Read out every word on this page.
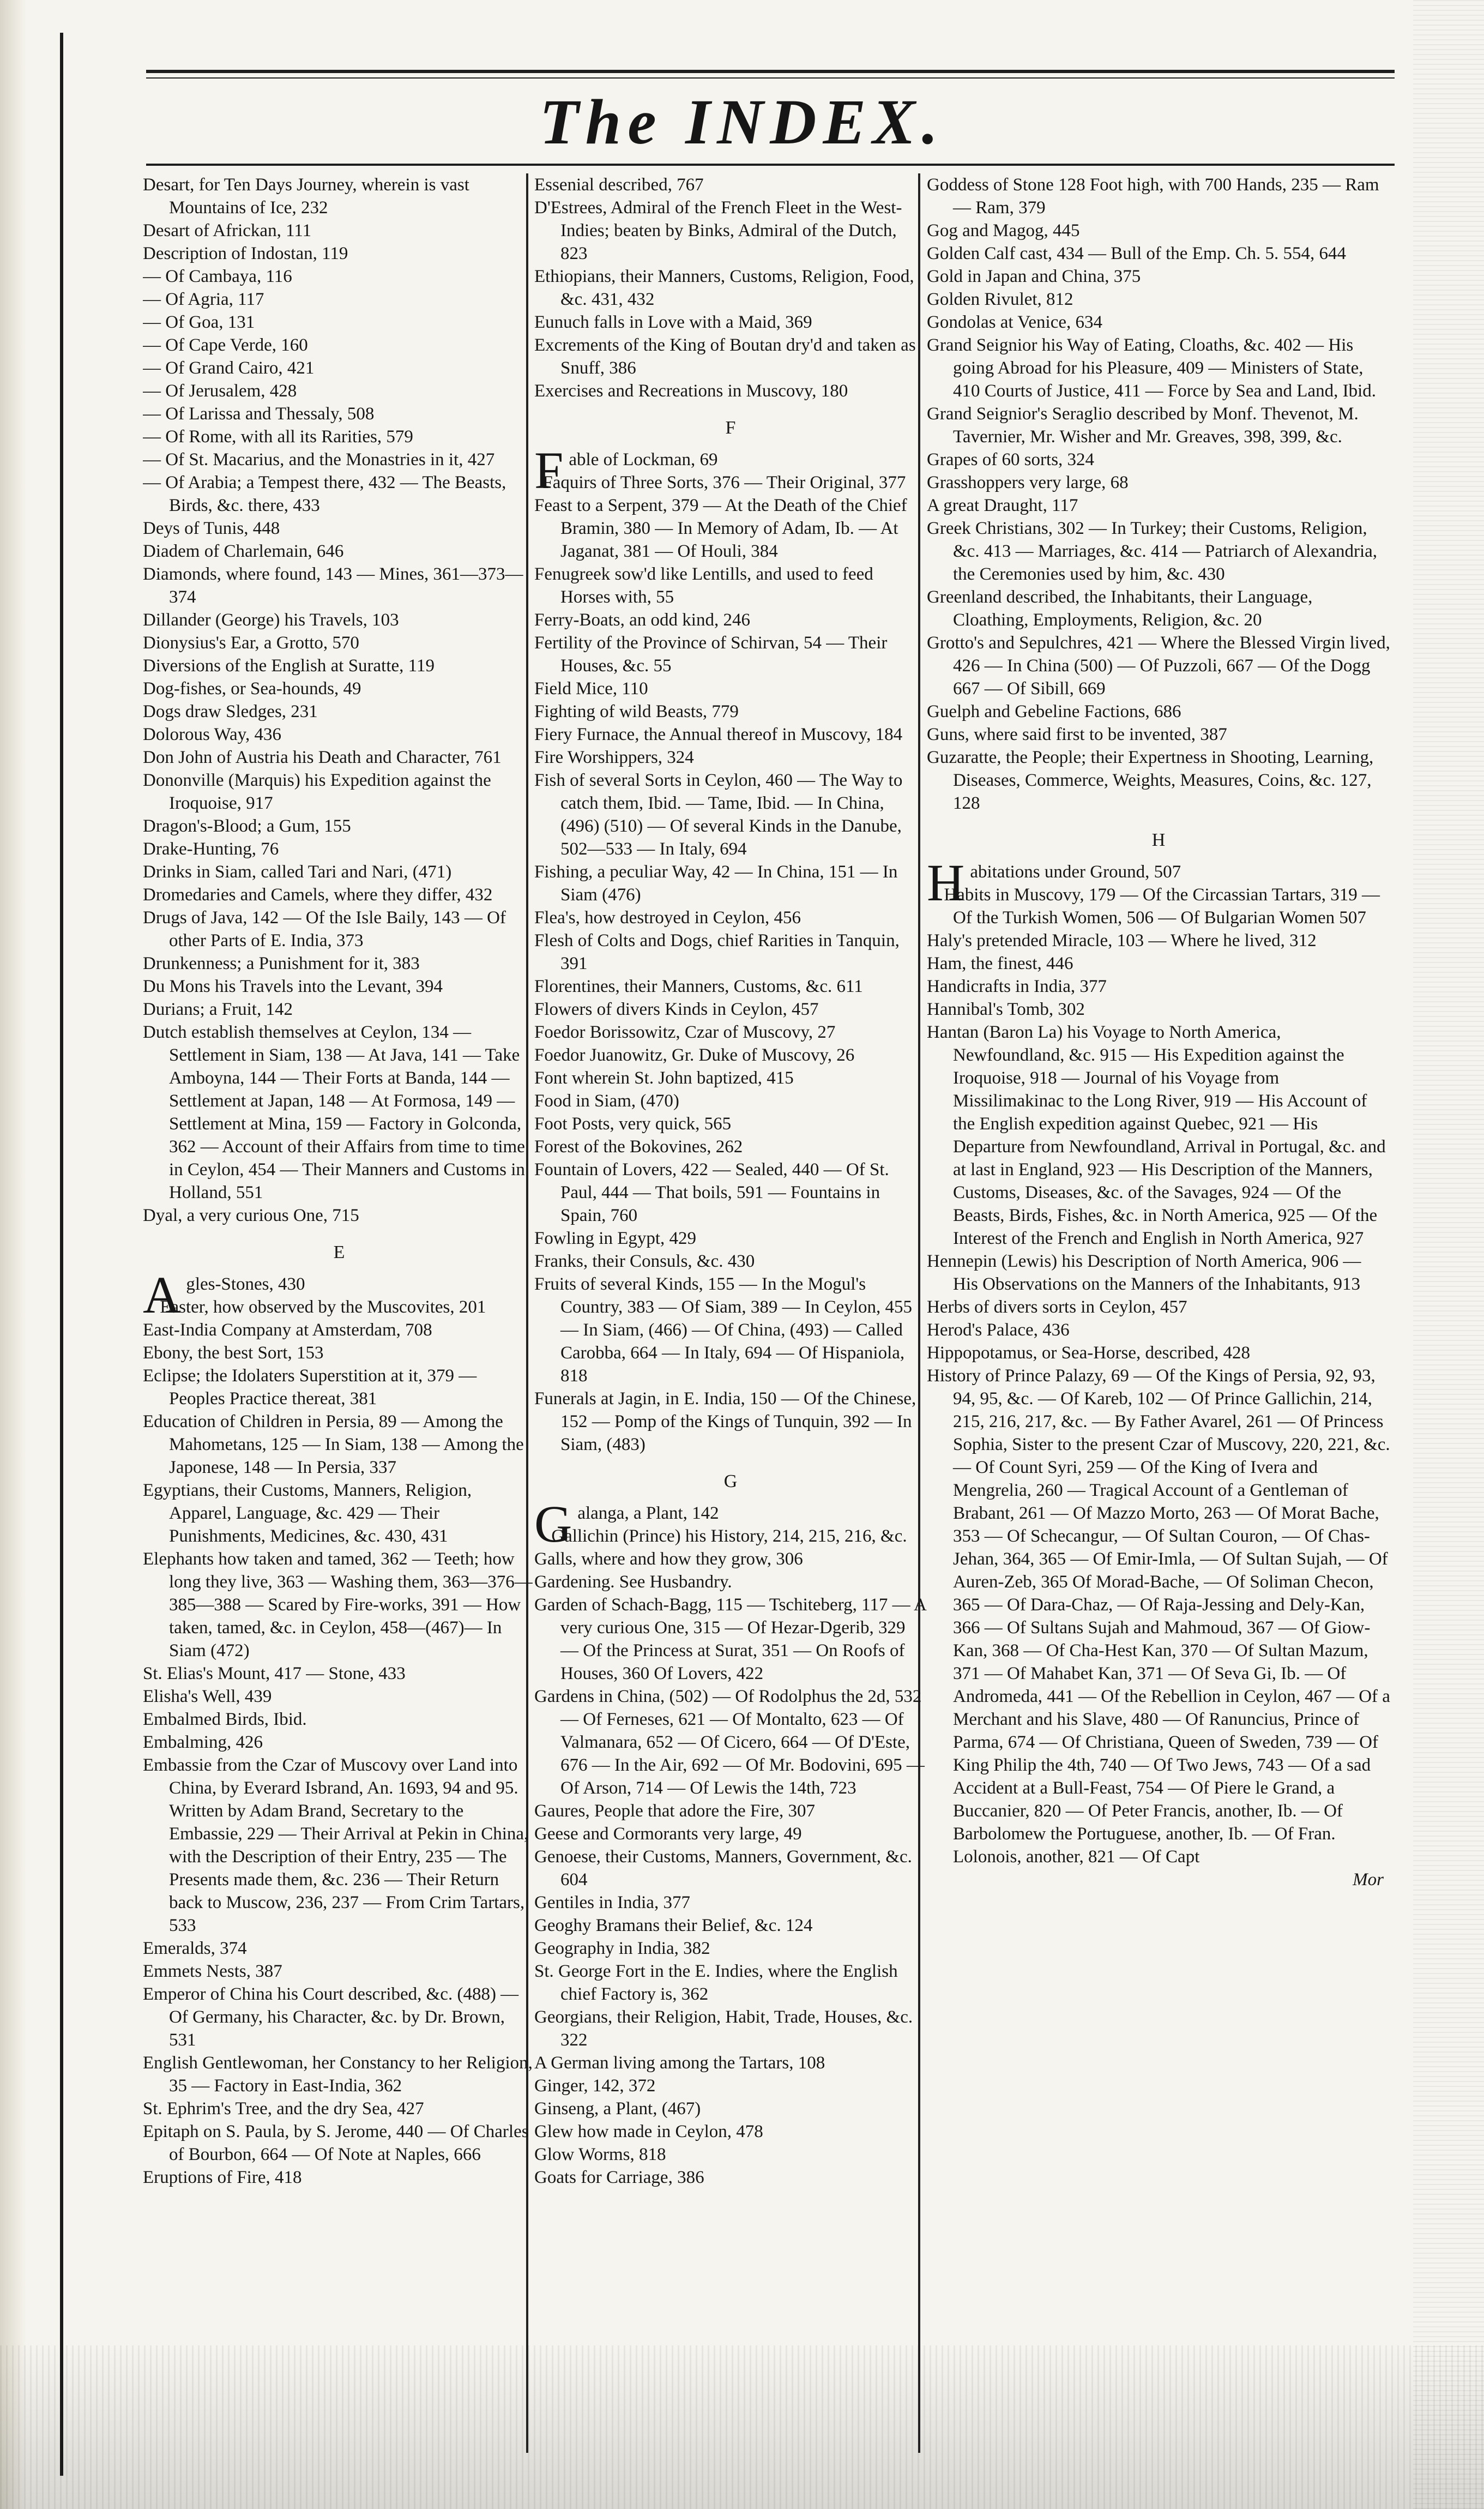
The INDEX.

Desart, for Ten Days Journey, wherein is vast Mountains of Ice, 232

Desart of Africkan, 111

Description of Indostan, 119

— Of Cambaya, 116

— Of Agria, 117

— Of Goa, 131

— Of Cape Verde, 160

— Of Grand Cairo, 421

— Of Jerusalem, 428

— Of Larissa and Thessaly, 508

— Of Rome, with all its Rarities, 579

— Of St. Macarius, and the Monastries in it, 427

— Of Arabia; a Tempest there, 432 — The Beasts, Birds, &c. there, 433

Deys of Tunis, 448

Diadem of Charlemain, 646

Diamonds, where found, 143 — Mines, 361—373—374

Dillander (George) his Travels, 103

Dionysius's Ear, a Grotto, 570

Diversions of the English at Suratte, 119

Dog-fishes, or Sea-hounds, 49

Dogs draw Sledges, 231

Dolorous Way, 436

Don John of Austria his Death and Character, 761

Dononville (Marquis) his Expedition against the Iroquoise, 917

Dragon's-Blood; a Gum, 155

Drake-Hunting, 76

Drinks in Siam, called Tari and Nari, (471)

Dromedaries and Camels, where they differ, 432

Drugs of Java, 142 — Of the Isle Baily, 143 — Of other Parts of E. India, 373

Drunkenness; a Punishment for it, 383

Du Mons his Travels into the Levant, 394

Durians; a Fruit, 142

Dutch establish themselves at Ceylon, 134 — Settlement in Siam, 138 — At Java, 141 — Take Amboyna, 144 — Their Forts at Banda, 144 — Settlement at Japan, 148 — At Formosa, 149 — Settlement at Mina, 159 — Factory in Golconda, 362 — Account of their Affairs from time to time in Ceylon, 454 — Their Manners and Customs in Holland, 551

Dyal, a very curious One, 715

E

Agles-Stones, 430

Easter, how observed by the Muscovites, 201

East-India Company at Amsterdam, 708

Ebony, the best Sort, 153

Eclipse; the Idolaters Superstition at it, 379 — Peoples Practice thereat, 381

Education of Children in Persia, 89 — Among the Mahometans, 125 — In Siam, 138 — Among the Japonese, 148 — In Persia, 337

Egyptians, their Customs, Manners, Religion, Apparel, Language, &c. 429 — Their Punishments, Medicines, &c. 430, 431

Elephants how taken and tamed, 362 — Teeth; how long they live, 363 — Washing them, 363—376—385—388 — Scared by Fire-works, 391 — How taken, tamed, &c. in Ceylon, 458—(467)— In Siam (472)

St. Elias's Mount, 417 — Stone, 433

Elisha's Well, 439

Embalmed Birds, Ibid.

Embalming, 426

Embassie from the Czar of Muscovy over Land into China, by Everard Isbrand, An. 1693, 94 and 95. Written by Adam Brand, Secretary to the Embassie, 229 — Their Arrival at Pekin in China, with the Description of their Entry, 235 — The Presents made them, &c. 236 — Their Return back to Muscow, 236, 237 — From Crim Tartars, 533

Emeralds, 374

Emmets Nests, 387

Emperor of China his Court described, &c. (488) — Of Germany, his Character, &c. by Dr. Brown, 531

English Gentlewoman, her Constancy to her Religion, 35 — Factory in East-India, 362

St. Ephrim's Tree, and the dry Sea, 427

Epitaph on S. Paula, by S. Jerome, 440 — Of Charles of Bourbon, 664 — Of Note at Naples, 666

Eruptions of Fire, 418

Essenial described, 767

D'Estrees, Admiral of the French Fleet in the West-Indies; beaten by Binks, Admiral of the Dutch, 823

Ethiopians, their Manners, Customs, Religion, Food, &c. 431, 432

Eunuch falls in Love with a Maid, 369

Excrements of the King of Boutan dry'd and taken as Snuff, 386

Exercises and Recreations in Muscovy, 180

F

Fable of Lockman, 69

Faquirs of Three Sorts, 376 — Their Original, 377

Feast to a Serpent, 379 — At the Death of the Chief Bramin, 380 — In Memory of Adam, Ib. — At Jaganat, 381 — Of Houli, 384

Fenugreek sow'd like Lentills, and used to feed Horses with, 55

Ferry-Boats, an odd kind, 246

Fertility of the Province of Schirvan, 54 — Their Houses, &c. 55

Field Mice, 110

Fighting of wild Beasts, 779

Fiery Furnace, the Annual thereof in Muscovy, 184

Fire Worshippers, 324

Fish of several Sorts in Ceylon, 460 — The Way to catch them, Ibid. — Tame, Ibid. — In China, (496) (510) — Of several Kinds in the Danube, 502—533 — In Italy, 694

Fishing, a peculiar Way, 42 — In China, 151 — In Siam (476)

Flea's, how destroyed in Ceylon, 456

Flesh of Colts and Dogs, chief Rarities in Tanquin, 391

Florentines, their Manners, Customs, &c. 611

Flowers of divers Kinds in Ceylon, 457

Foedor Borissowitz, Czar of Muscovy, 27

Foedor Juanowitz, Gr. Duke of Muscovy, 26

Font wherein St. John baptized, 415

Food in Siam, (470)

Foot Posts, very quick, 565

Forest of the Bokovines, 262

Fountain of Lovers, 422 — Sealed, 440 — Of St. Paul, 444 — That boils, 591 — Fountains in Spain, 760

Fowling in Egypt, 429

Franks, their Consuls, &c. 430

Fruits of several Kinds, 155 — In the Mogul's Country, 383 — Of Siam, 389 — In Ceylon, 455 — In Siam, (466) — Of China, (493) — Called Carobba, 664 — In Italy, 694 — Of Hispaniola, 818

Funerals at Jagin, in E. India, 150 — Of the Chinese, 152 — Pomp of the Kings of Tunquin, 392 — In Siam, (483)

G

Galanga, a Plant, 142

Gallichin (Prince) his History, 214, 215, 216, &c.

Galls, where and how they grow, 306

Gardening. See Husbandry.

Garden of Schach-Bagg, 115 — Tschiteberg, 117 — A very curious One, 315 — Of Hezar-Dgerib, 329 — Of the Princess at Surat, 351 — On Roofs of Houses, 360 Of Lovers, 422

Gardens in China, (502) — Of Rodolphus the 2d, 532 — Of Ferneses, 621 — Of Montalto, 623 — Of Valmanara, 652 — Of Cicero, 664 — Of D'Este, 676 — In the Air, 692 — Of Mr. Bodovini, 695 — Of Arson, 714 — Of Lewis the 14th, 723

Gaures, People that adore the Fire, 307

Geese and Cormorants very large, 49

Genoese, their Customs, Manners, Government, &c. 604

Gentiles in India, 377

Geoghy Bramans their Belief, &c. 124

Geography in India, 382

St. George Fort in the E. Indies, where the English chief Factory is, 362

Georgians, their Religion, Habit, Trade, Houses, &c. 322

A German living among the Tartars, 108

Ginger, 142, 372

Ginseng, a Plant, (467)

Glew how made in Ceylon, 478

Glow Worms, 818

Goats for Carriage, 386

Goddess of Stone 128 Foot high, with 700 Hands, 235 — Ram — Ram, 379

Gog and Magog, 445

Golden Calf cast, 434 — Bull of the Emp. Ch. 5. 554, 644

Gold in Japan and China, 375

Golden Rivulet, 812

Gondolas at Venice, 634

Grand Seignior his Way of Eating, Cloaths, &c. 402 — His going Abroad for his Pleasure, 409 — Ministers of State, 410 Courts of Justice, 411 — Force by Sea and Land, Ibid.

Grand Seignior's Seraglio described by Monf. Thevenot, M. Tavernier, Mr. Wisher and Mr. Greaves, 398, 399, &c.

Grapes of 60 sorts, 324

Grasshoppers very large, 68

A great Draught, 117

Greek Christians, 302 — In Turkey; their Customs, Religion, &c. 413 — Marriages, &c. 414 — Patriarch of Alexandria, the Ceremonies used by him, &c. 430

Greenland described, the Inhabitants, their Language, Cloathing, Employments, Religion, &c. 20

Grotto's and Sepulchres, 421 — Where the Blessed Virgin lived, 426 — In China (500) — Of Puzzoli, 667 — Of the Dogg 667 — Of Sibill, 669

Guelph and Gebeline Factions, 686

Guns, where said first to be invented, 387

Guzaratte, the People; their Expertness in Shooting, Learning, Diseases, Commerce, Weights, Measures, Coins, &c. 127, 128

H

Habitations under Ground, 507

Habits in Muscovy, 179 — Of the Circassian Tartars, 319 — Of the Turkish Women, 506 — Of Bulgarian Women 507

Haly's pretended Miracle, 103 — Where he lived, 312

Ham, the finest, 446

Handicrafts in India, 377

Hannibal's Tomb, 302

Hantan (Baron La) his Voyage to North America, Newfoundland, &c. 915 — His Expedition against the Iroquoise, 918 — Journal of his Voyage from Missilimakinac to the Long River, 919 — His Account of the English expedition against Quebec, 921 — His Departure from Newfoundland, Arrival in Portugal, &c. and at last in England, 923 — His Description of the Manners, Customs, Diseases, &c. of the Savages, 924 — Of the Beasts, Birds, Fishes, &c. in North America, 925 — Of the Interest of the French and English in North America, 927

Hennepin (Lewis) his Description of North America, 906 — His Observations on the Manners of the Inhabitants, 913

Herbs of divers sorts in Ceylon, 457

Herod's Palace, 436

Hippopotamus, or Sea-Horse, described, 428

History of Prince Palazy, 69 — Of the Kings of Persia, 92, 93, 94, 95, &c. — Of Kareb, 102 — Of Prince Gallichin, 214, 215, 216, 217, &c. — By Father Avarel, 261 — Of Princess Sophia, Sister to the present Czar of Muscovy, 220, 221, &c. — Of Count Syri, 259 — Of the King of Ivera and Mengrelia, 260 — Tragical Account of a Gentleman of Brabant, 261 — Of Mazzo Morto, 263 — Of Morat Bache, 353 — Of Schecangur, — Of Sultan Couron, — Of Chas-Jehan, 364, 365 — Of Emir-Imla, — Of Sultan Sujah, — Of Auren-Zeb, 365 Of Morad-Bache, — Of Soliman Checon, 365 — Of Dara-Chaz, — Of Raja-Jessing and Dely-Kan, 366 — Of Sultans Sujah and Mahmoud, 367 — Of Giow-Kan, 368 — Of Cha-Hest Kan, 370 — Of Sultan Mazum, 371 — Of Mahabet Kan, 371 — Of Seva Gi, Ib. — Of Andromeda, 441 — Of the Rebellion in Ceylon, 467 — Of a Merchant and his Slave, 480 — Of Ranuncius, Prince of Parma, 674 — Of Christiana, Queen of Sweden, 739 — Of King Philip the 4th, 740 — Of Two Jews, 743 — Of a sad Accident at a Bull-Feast, 754 — Of Piere le Grand, a Buccanier, 820 — Of Peter Francis, another, Ib. — Of Barbolomew the Portuguese, another, Ib. — Of Fran. Lolonois, another, 821 — Of Capt

Mor
